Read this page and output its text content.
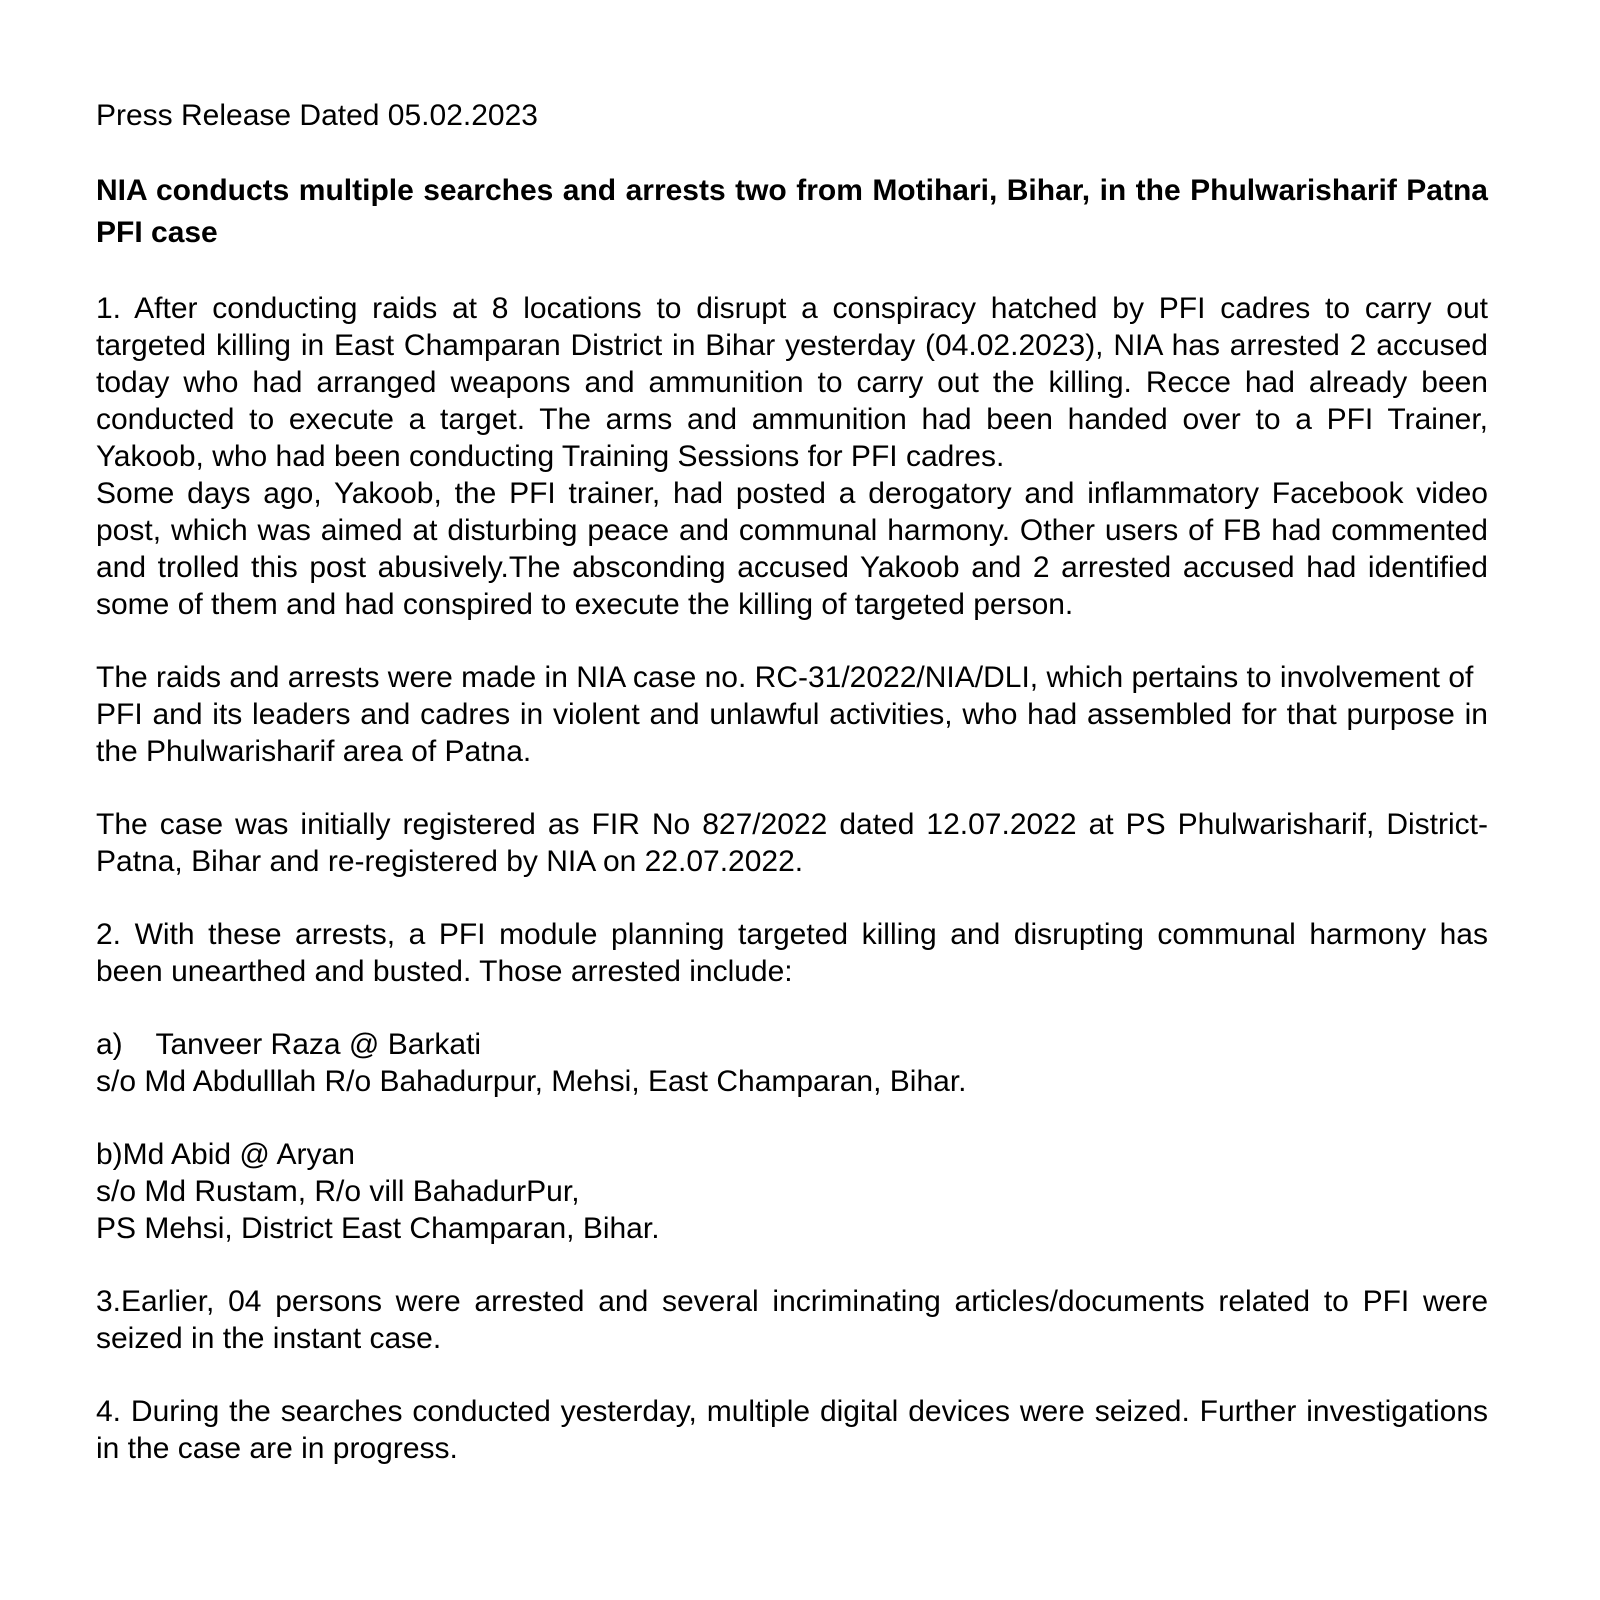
Press Release Dated 05.02.2023

NIA conducts multiple searches and arrests two from Motihari, Bihar, in the Phulwarisharif Patna PFI case

1. After conducting raids at 8 locations to disrupt a conspiracy hatched by PFI cadres to carry out targeted killing in East Champaran District in Bihar yesterday (04.02.2023), NIA has arrested 2 accused today who had arranged weapons and ammunition to carry out the killing. Recce had already been conducted to execute a target. The arms and ammunition had been handed over to a PFI Trainer, Yakoob, who had been conducting Training Sessions for PFI cadres.
Some days ago, Yakoob, the PFI trainer, had posted a derogatory and inflammatory Facebook video post, which was aimed at disturbing peace and communal harmony. Other users of FB had commented and trolled this post abusively.The absconding accused Yakoob and 2 arrested accused had identified some of them and had conspired to execute the killing of targeted person.

The raids and arrests were made in NIA case no. RC-31/2022/NIA/DLI, which pertains to involvement of
PFI and its leaders and cadres in violent and unlawful activities, who had assembled for that purpose in the Phulwarisharif area of Patna.

The case was initially registered as FIR No 827/2022 dated 12.07.2022 at PS Phulwarisharif, District- Patna, Bihar and re-registered by NIA on 22.07.2022.

2. With these arrests, a PFI module planning targeted killing and disrupting communal harmony has been unearthed and busted. Those arrested include:

a)    Tanveer Raza @ Barkati
s/o Md Abdulllah R/o Bahadurpur, Mehsi, East Champaran, Bihar.
b)Md Abid @ Aryan
s/o Md Rustam, R/o vill BahadurPur,
PS Mehsi, District East Champaran, Bihar.

3.Earlier, 04 persons were arrested and several incriminating articles/documents related to PFI were seized in the instant case.

4. During the searches conducted yesterday, multiple digital devices were seized. Further investigations in the case are in progress.
